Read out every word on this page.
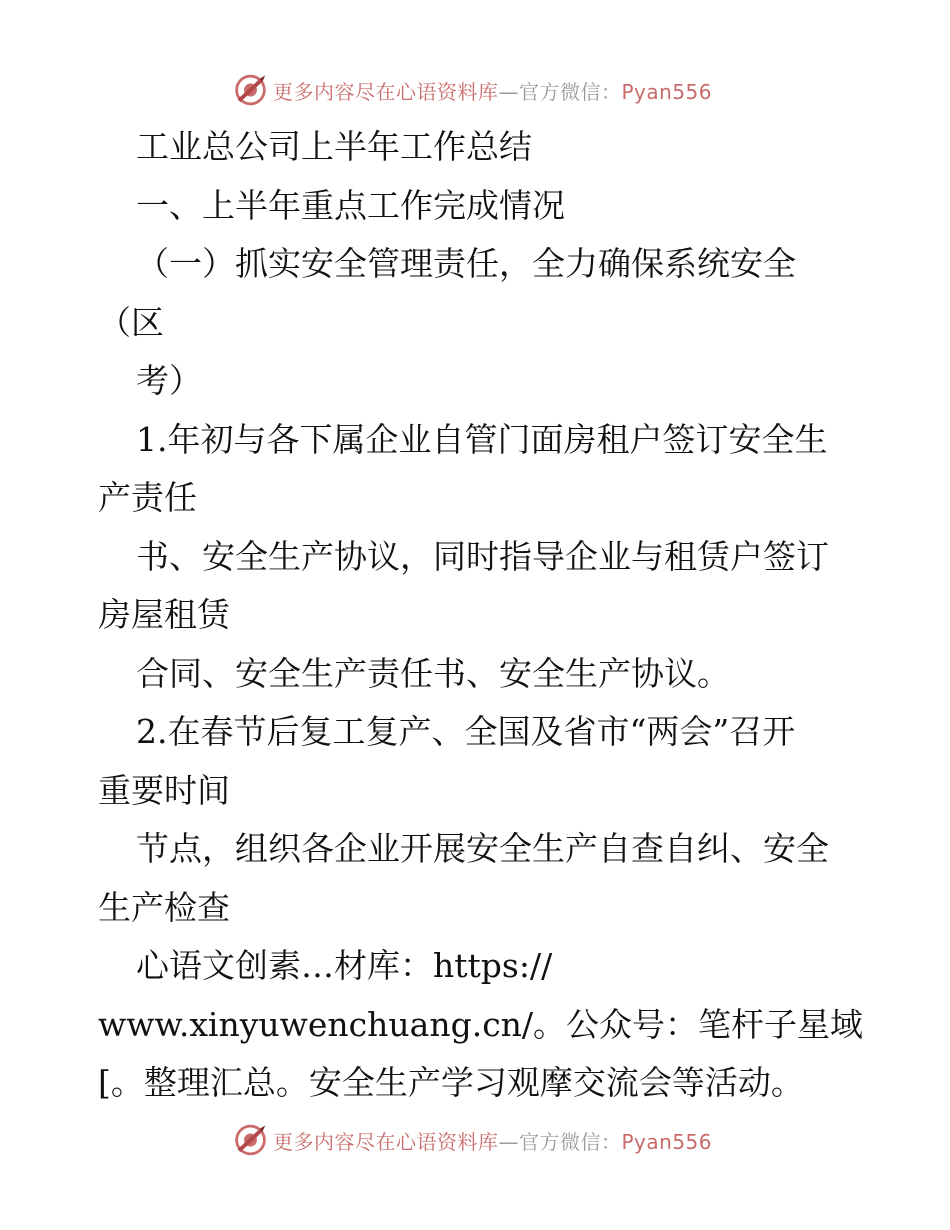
更多内容尽在心语资料库—官方微信：Pyan556
工业总公司上半年工作总结
一、上半年重点工作完成情况
（一）抓实安全管理责任，全力确保系统安全
（区
考）
1.年初与各下属企业自管门面房租户签订安全生
产责任
书、安全生产协议，同时指导企业与租赁户签订
房屋租赁
合同、安全生产责任书、安全生产协议。
2.在春节后复工复产、全国及省市“两会”召开
重要时间
节点，组织各企业开展安全生产自查自纠、安全
生产检查
心语文创素…材库：https://
www.xinyuwenchuang.cn/。公众号：笔杆子星域
[。整理汇总。安全生产学习观摩交流会等活动。
更多内容尽在心语资料库—官方微信：Pyan556
